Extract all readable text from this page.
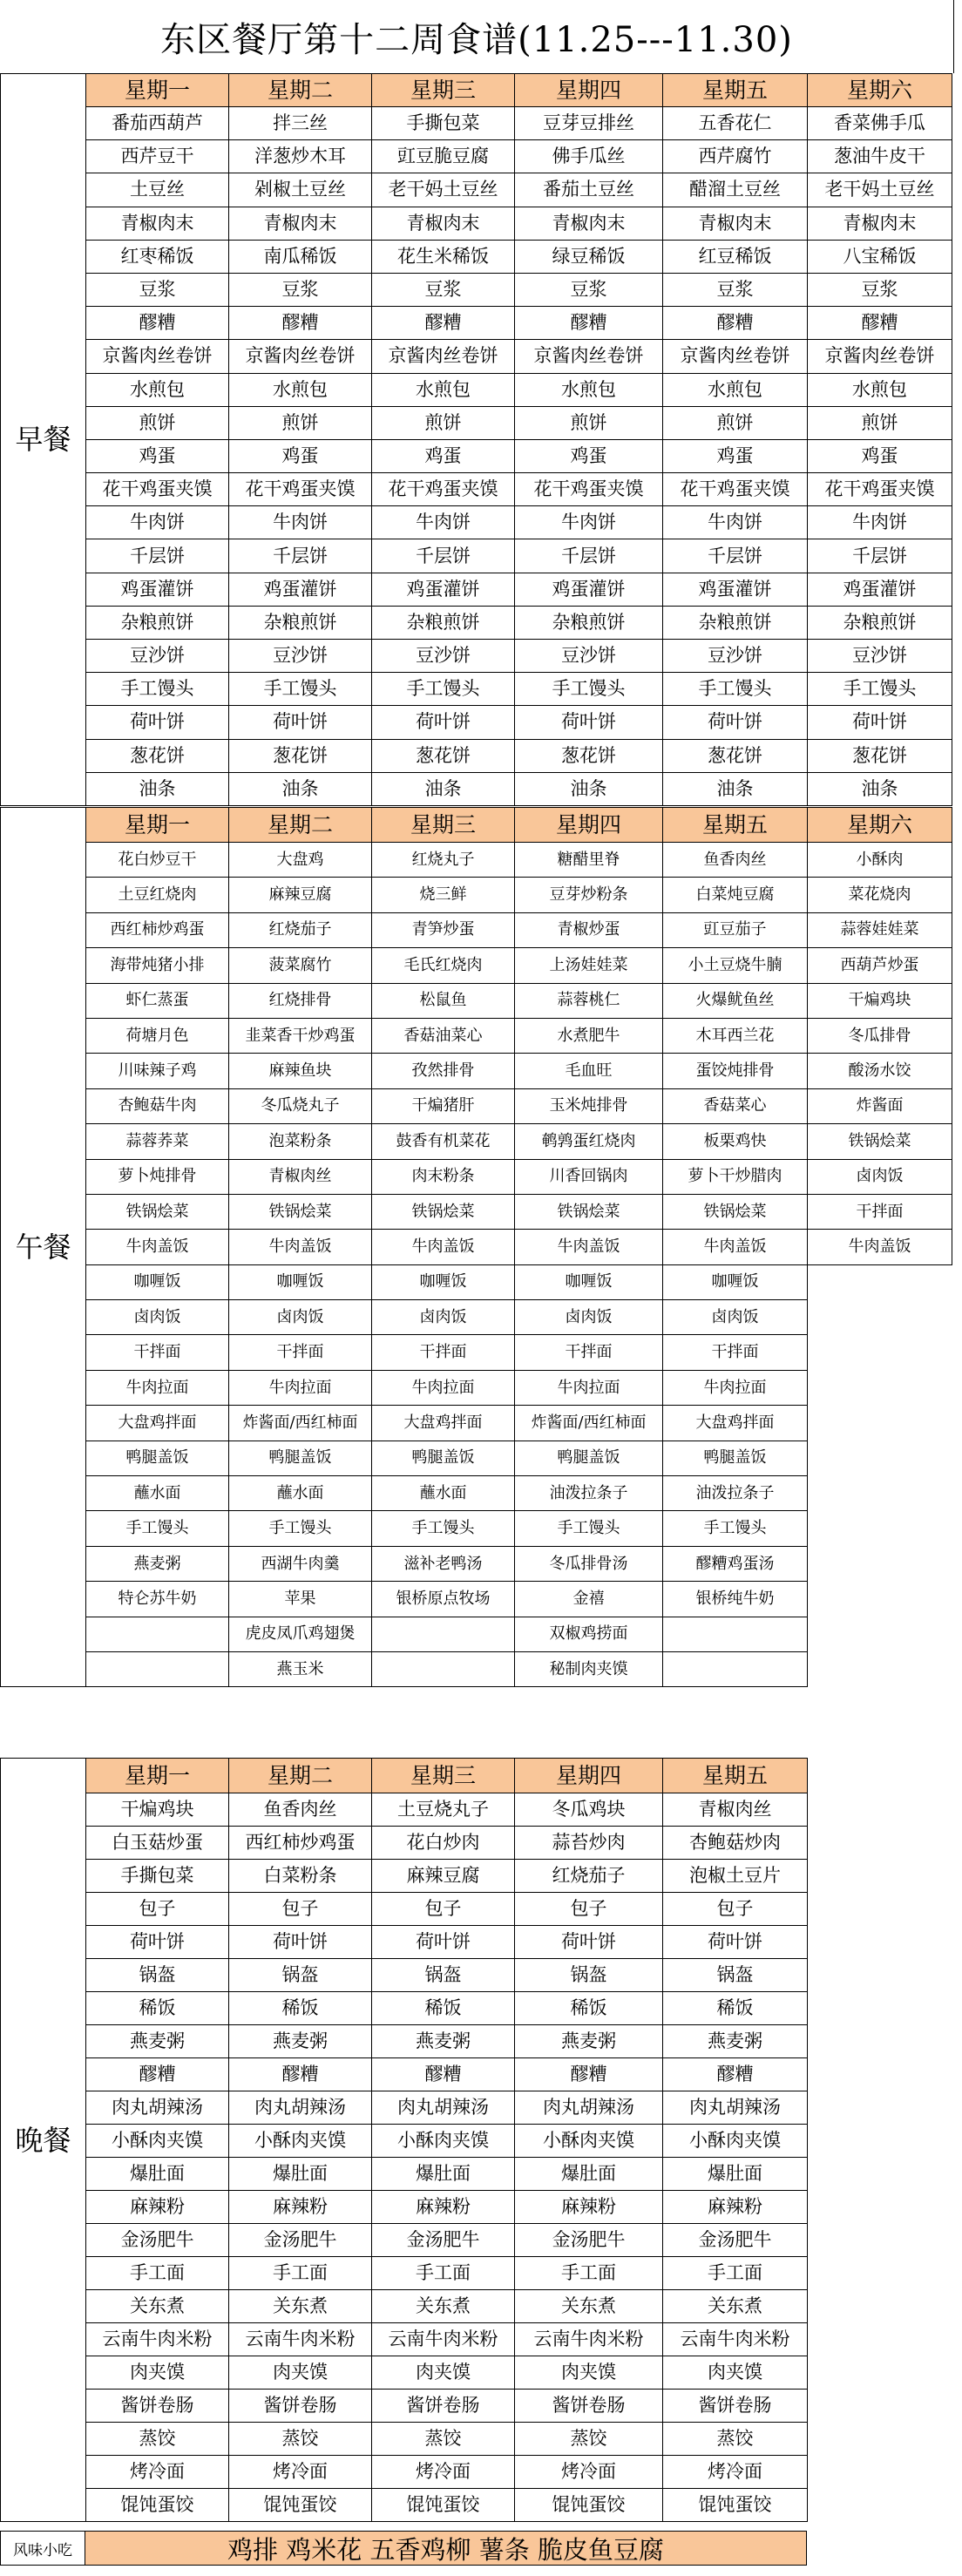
东区餐厅第十二周食谱(11.25---11.30)
早餐	星期一	星期二	星期三	星期四	星期五	星期六
	番茄西葫芦	拌三丝	手撕包菜	豆芽豆排丝	五香花仁	香菜佛手瓜
	西芹豆干	洋葱炒木耳	豇豆脆豆腐	佛手瓜丝	西芹腐竹	葱油牛皮干
	土豆丝	剁椒土豆丝	老干妈土豆丝	番茄土豆丝	醋溜土豆丝	老干妈土豆丝
	青椒肉末	青椒肉末	青椒肉末	青椒肉末	青椒肉末	青椒肉末
	红枣稀饭	南瓜稀饭	花生米稀饭	绿豆稀饭	红豆稀饭	八宝稀饭
	豆浆	豆浆	豆浆	豆浆	豆浆	豆浆
	醪糟	醪糟	醪糟	醪糟	醪糟	醪糟
	京酱肉丝卷饼	京酱肉丝卷饼	京酱肉丝卷饼	京酱肉丝卷饼	京酱肉丝卷饼	京酱肉丝卷饼
	水煎包	水煎包	水煎包	水煎包	水煎包	水煎包
	煎饼	煎饼	煎饼	煎饼	煎饼	煎饼
	鸡蛋	鸡蛋	鸡蛋	鸡蛋	鸡蛋	鸡蛋
	花干鸡蛋夹馍	花干鸡蛋夹馍	花干鸡蛋夹馍	花干鸡蛋夹馍	花干鸡蛋夹馍	花干鸡蛋夹馍
	牛肉饼	牛肉饼	牛肉饼	牛肉饼	牛肉饼	牛肉饼
	千层饼	千层饼	千层饼	千层饼	千层饼	千层饼
	鸡蛋灌饼	鸡蛋灌饼	鸡蛋灌饼	鸡蛋灌饼	鸡蛋灌饼	鸡蛋灌饼
	杂粮煎饼	杂粮煎饼	杂粮煎饼	杂粮煎饼	杂粮煎饼	杂粮煎饼
	豆沙饼	豆沙饼	豆沙饼	豆沙饼	豆沙饼	豆沙饼
	手工馒头	手工馒头	手工馒头	手工馒头	手工馒头	手工馒头
	荷叶饼	荷叶饼	荷叶饼	荷叶饼	荷叶饼	荷叶饼
	葱花饼	葱花饼	葱花饼	葱花饼	葱花饼	葱花饼
	油条	油条	油条	油条	油条	油条
午餐	星期一	星期二	星期三	星期四	星期五	星期六
	花白炒豆干	大盘鸡	红烧丸子	糖醋里脊	鱼香肉丝	小酥肉
	土豆红烧肉	麻辣豆腐	烧三鲜	豆芽炒粉条	白菜炖豆腐	菜花烧肉
	西红柿炒鸡蛋	红烧茄子	青笋炒蛋	青椒炒蛋	豇豆茄子	蒜蓉娃娃菜
	海带炖猪小排	菠菜腐竹	毛氏红烧肉	上汤娃娃菜	小土豆烧牛腩	西葫芦炒蛋
	虾仁蒸蛋	红烧排骨	松鼠鱼	蒜蓉桃仁	火爆鱿鱼丝	干煸鸡块
	荷塘月色	韭菜香干炒鸡蛋	香菇油菜心	水煮肥牛	木耳西兰花	冬瓜排骨
	川味辣子鸡	麻辣鱼块	孜然排骨	毛血旺	蛋饺炖排骨	酸汤水饺
	杏鲍菇牛肉	冬瓜烧丸子	干煸猪肝	玉米炖排骨	香菇菜心	炸酱面
	蒜蓉荞菜	泡菜粉条	鼓香有机菜花	鹌鹑蛋红烧肉	板栗鸡快	铁锅烩菜
	萝卜炖排骨	青椒肉丝	肉末粉条	川香回锅肉	萝卜干炒腊肉	卤肉饭
	铁锅烩菜	铁锅烩菜	铁锅烩菜	铁锅烩菜	铁锅烩菜	干拌面
	牛肉盖饭	牛肉盖饭	牛肉盖饭	牛肉盖饭	牛肉盖饭	牛肉盖饭
	咖喱饭	咖喱饭	咖喱饭	咖喱饭	咖喱饭	
	卤肉饭	卤肉饭	卤肉饭	卤肉饭	卤肉饭	
	干拌面	干拌面	干拌面	干拌面	干拌面	
	牛肉拉面	牛肉拉面	牛肉拉面	牛肉拉面	牛肉拉面	
	大盘鸡拌面	炸酱面/西红柿面	大盘鸡拌面	炸酱面/西红柿面	大盘鸡拌面	
	鸭腿盖饭	鸭腿盖饭	鸭腿盖饭	鸭腿盖饭	鸭腿盖饭	
	蘸水面	蘸水面	蘸水面	油泼拉条子	油泼拉条子	
	手工馒头	手工馒头	手工馒头	手工馒头	手工馒头	
	燕麦粥	西湖牛肉羹	滋补老鸭汤	冬瓜排骨汤	醪糟鸡蛋汤	
	特仑苏牛奶	苹果	银桥原点牧场	金禧	银桥纯牛奶	
		虎皮凤爪鸡翅煲		双椒鸡捞面		
		燕玉米		秘制肉夹馍		
晚餐	星期一	星期二	星期三	星期四	星期五	
	干煸鸡块	鱼香肉丝	土豆烧丸子	冬瓜鸡块	青椒肉丝	
	白玉菇炒蛋	西红柿炒鸡蛋	花白炒肉	蒜苔炒肉	杏鲍菇炒肉	
	手撕包菜	白菜粉条	麻辣豆腐	红烧茄子	泡椒土豆片	
	包子	包子	包子	包子	包子	
	荷叶饼	荷叶饼	荷叶饼	荷叶饼	荷叶饼	
	锅盔	锅盔	锅盔	锅盔	锅盔	
	稀饭	稀饭	稀饭	稀饭	稀饭	
	燕麦粥	燕麦粥	燕麦粥	燕麦粥	燕麦粥	
	醪糟	醪糟	醪糟	醪糟	醪糟	
	肉丸胡辣汤	肉丸胡辣汤	肉丸胡辣汤	肉丸胡辣汤	肉丸胡辣汤	
	小酥肉夹馍	小酥肉夹馍	小酥肉夹馍	小酥肉夹馍	小酥肉夹馍	
	爆肚面	爆肚面	爆肚面	爆肚面	爆肚面	
	麻辣粉	麻辣粉	麻辣粉	麻辣粉	麻辣粉	
	金汤肥牛	金汤肥牛	金汤肥牛	金汤肥牛	金汤肥牛	
	手工面	手工面	手工面	手工面	手工面	
	关东煮	关东煮	关东煮	关东煮	关东煮	
	云南牛肉米粉	云南牛肉米粉	云南牛肉米粉	云南牛肉米粉	云南牛肉米粉	
	肉夹馍	肉夹馍	肉夹馍	肉夹馍	肉夹馍	
	酱饼卷肠	酱饼卷肠	酱饼卷肠	酱饼卷肠	酱饼卷肠	
	蒸饺	蒸饺	蒸饺	蒸饺	蒸饺	
	烤冷面	烤冷面	烤冷面	烤冷面	烤冷面	
	馄饨蛋饺	馄饨蛋饺	馄饨蛋饺	馄饨蛋饺	馄饨蛋饺	
风味小吃	鸡排 鸡米花 五香鸡柳 薯条 脆皮鱼豆腐
